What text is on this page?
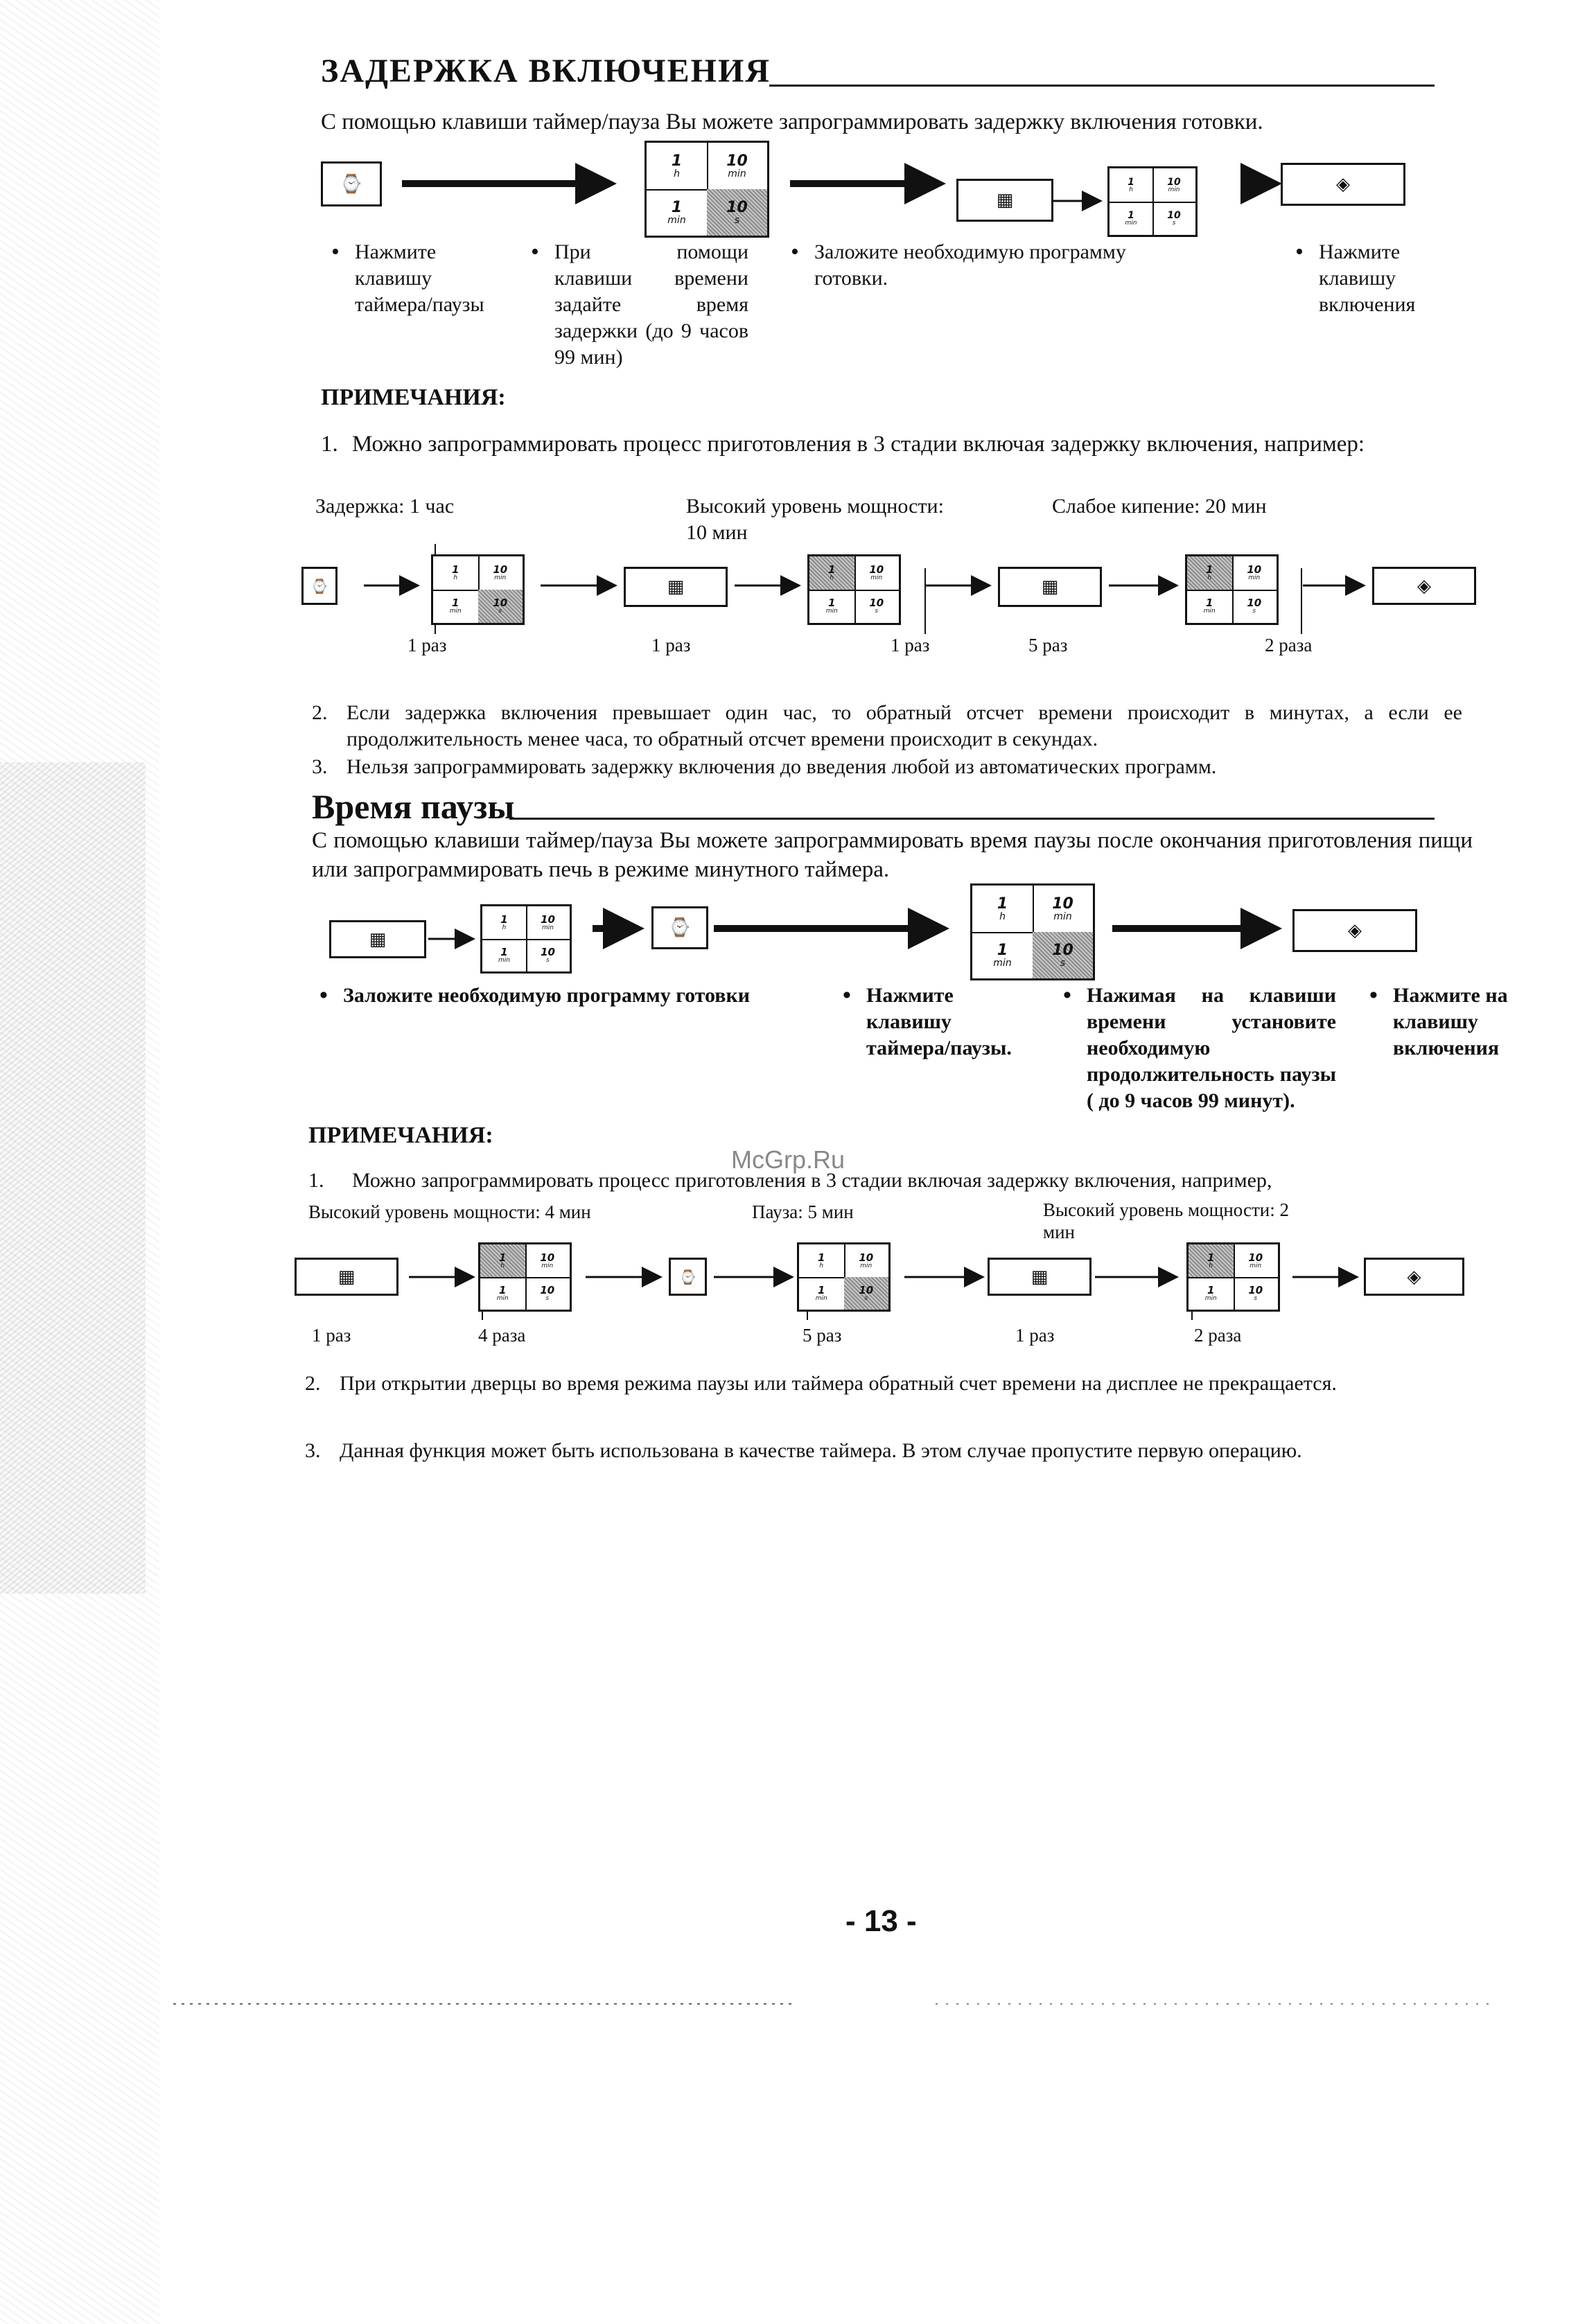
ЗАДЕРЖКА ВКЛЮЧЕНИЯ
С помощью клавиши таймер/пауза Вы можете запрограммировать задержку включения готовки.
⌚
1
h
10
min
1
min
10
s
▦
1
h
10
min
1
min
10
s
◈
• Нажмите клавишу таймера/паузы
• При помощи клавиши времени задайте время задержки (до 9 часов 99 мин)
• Заложите необходимую программу готовки.
• Нажмите клавишу включения
ПРИМЕЧАНИЯ:
1. Можно запрограммировать процесс приготовления в 3 стадии включая задержку включения, например:
Задержка: 1 час	Высокий уровень мощности: 10 мин
Слабое кипение: 20 мин
⌚
1
h
10
min
1
min
10
s
▦
1
h
10
min
1
min
10
s
▦
1
h
10
min
1
min
10
s
◈
1 раз	1 раз	1 раз	5 раз	2 раза
2. Если задержка включения превышает один час, то обратный отсчет времени происходит в минутах, а если ее продолжительность менее часа, то обратный отсчет времени происходит в секундах.
3. Нельзя запрограммировать задержку включения до введения любой из автоматических программ.
Время паузы
С помощью клавиши таймер/пауза Вы можете запрограммировать время паузы после окончания приготовления пищи или запрограммировать печь в режиме минутного таймера.
▦
1
h
10
min
1
min
10
s
⌚
1
h
10
min
1
min
10
s
◈
• Заложите необходимую программу готовки
•	Нажмите клавишу таймера/паузы.
• Нажимая на клавиши времени установите необходимую продолжительность паузы ( до 9 часов 99 минут).
• Нажмите на клавишу включения
ПРИМЕЧАНИЯ:
McGrp.Ru
1.	Можно запрограммировать процесс приготовления в 3 стадии включая задержку включения, например,
Высокий уровень мощности: 4 мин	Пауза: 5 мин	Высокий уровень мощности: 2 мин
▦
1
h
10
min
1
min
10
s
⌚
1
h
10
min
1
min
10
s
▦
1
h
10
min
1
min
10
s
◈
1 раз	4 раза	5 раз	1 раз	2 раза
2. При открытии дверцы во время режима паузы или таймера обратный счет времени на дисплее не прекращается.
3. Данная функция может быть использована в качестве таймера. В этом случае пропустите первую операцию.
- 13 -
